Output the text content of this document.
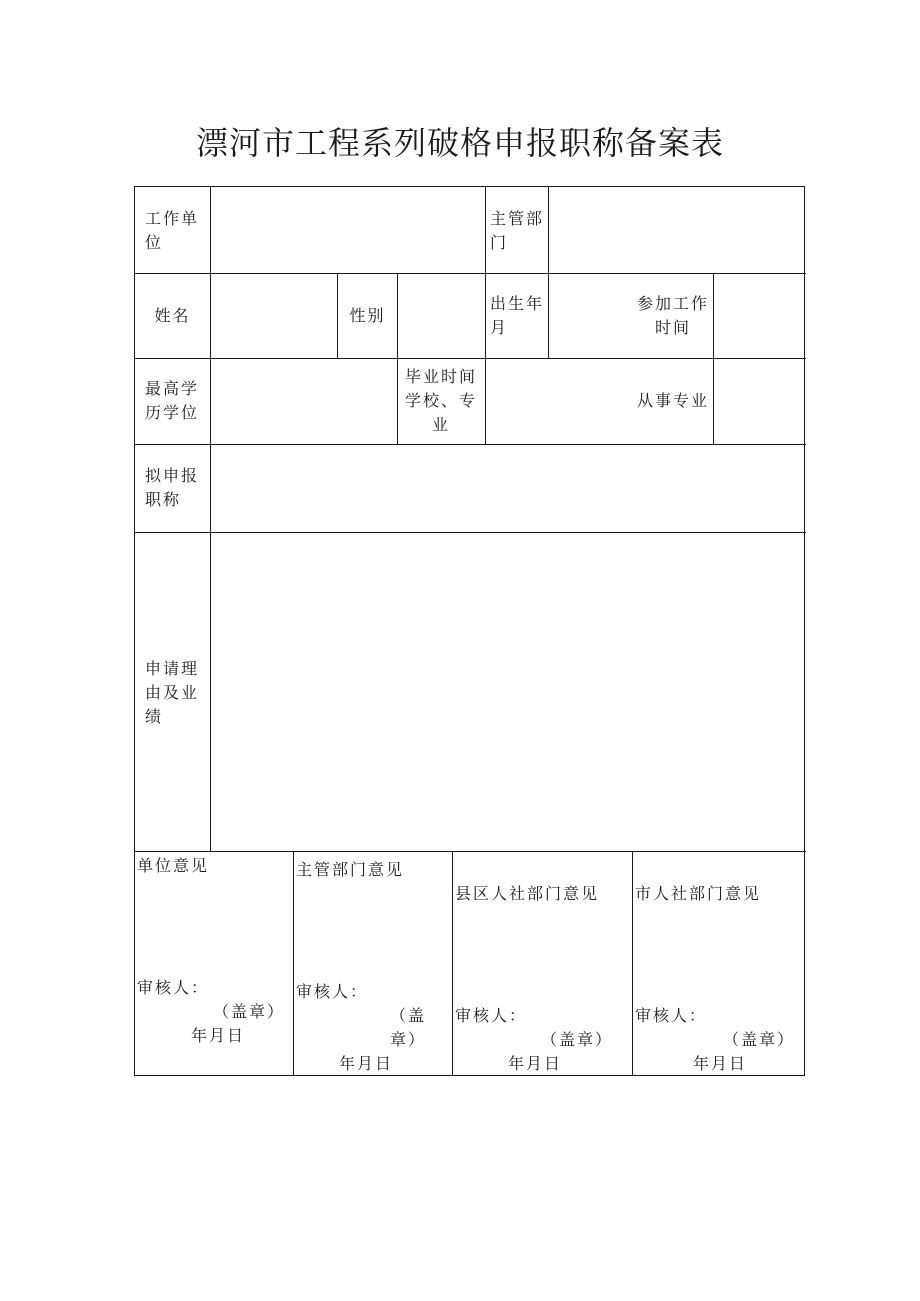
漂河市工程系列破格申报职称备案表
工作单位
主管部门
姓名	性别
出生年月
参加工作时间
最高学历学位
毕业时间学校、专业
从事专业
拟申报职称
申请理由及业绩
单位意见
审核人：
（盖章）
年月日
主管部门意见
审核人：
（盖章）
年月日
县区人社部门意见
审核人：
（盖章）
年月日
市人社部门意见
审核人：
（盖章）
年月日
